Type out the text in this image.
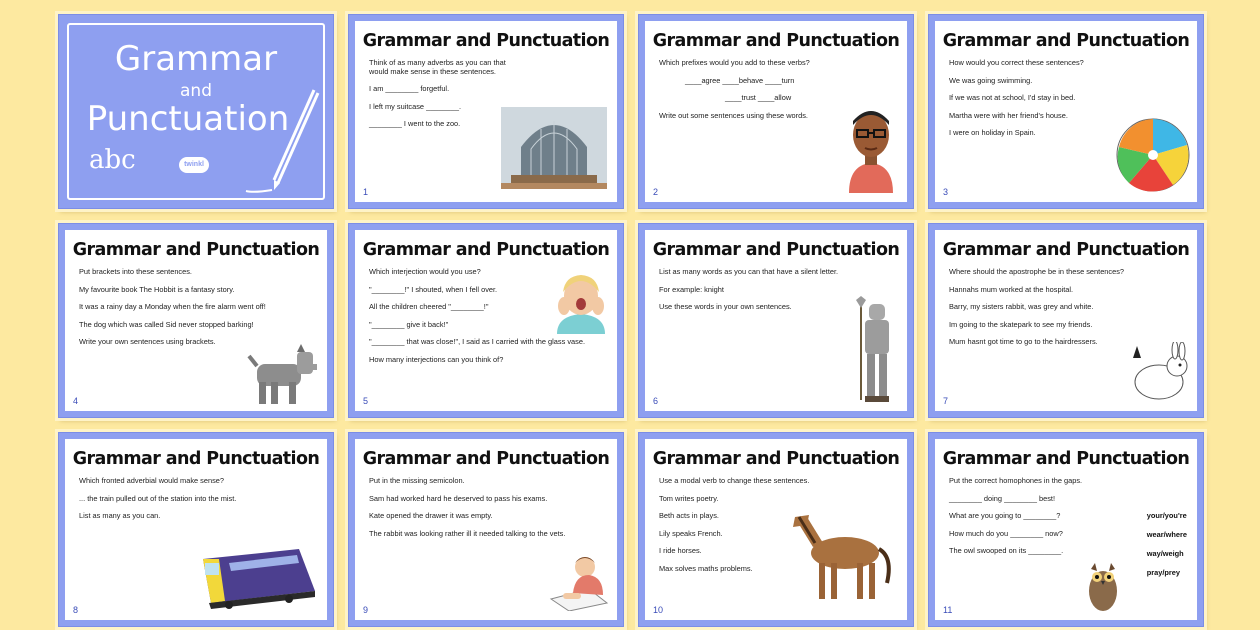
Grammar
and
Punctuation
abc	twinkl
Grammar and Punctuation
Think of as many adverbs as you can that would make sense in these sentences.
I am ________ forgetful.
I left my suitcase ________.
________ I went to the zoo.
1
Grammar and Punctuation
Which prefixes would you add to these verbs?
____agree ____behave ____turn
____trust ____allow
Write out some sentences using these words.
2
Grammar and Punctuation
How would you correct these sentences?
We was going swimming.
If we was not at school, I'd stay in bed.
Martha were with her friend's house.
I were on holiday in Spain.
3
Grammar and Punctuation
Put brackets into these sentences.
My favourite book The Hobbit is a fantasy story.
It was a rainy day a Monday when the fire alarm went off!
The dog which was called Sid never stopped barking!
Write your own sentences using brackets.
4
Grammar and Punctuation
Which interjection would you use?
"________!" I shouted, when I fell over.
All the children cheered "________!"
"________ give it back!"
"________ that was close!", I said as I carried with the glass vase.
How many interjections can you think of?
5
Grammar and Punctuation
List as many words as you can that have a silent letter.
For example: knight
Use these words in your own sentences.
6
Grammar and Punctuation
Where should the apostrophe be in these sentences?
Hannahs mum worked at the hospital.
Barry, my sisters rabbit, was grey and white.
Im going to the skatepark to see my friends.
Mum hasnt got time to go to the hairdressers.
7
Grammar and Punctuation
Which fronted adverbial would make sense?
... the train pulled out of the station into the mist.
List as many as you can.
8
Grammar and Punctuation
Put in the missing semicolon.
Sam had worked hard he deserved to pass his exams.
Kate opened the drawer it was empty.
The rabbit was looking rather ill it needed talking to the vets.
9
Grammar and Punctuation
Use a modal verb to change these sentences.
Tom writes poetry.
Beth acts in plays.
Lily speaks French.
I ride horses.
Max solves maths problems.
10
Grammar and Punctuation
Put the correct homophones in the gaps.
________ doing ________ best!
What are you going to ________?
How much do you ________ now?
The owl swooped on its ________.
your/you're
wear/where
way/weigh
pray/prey
11
